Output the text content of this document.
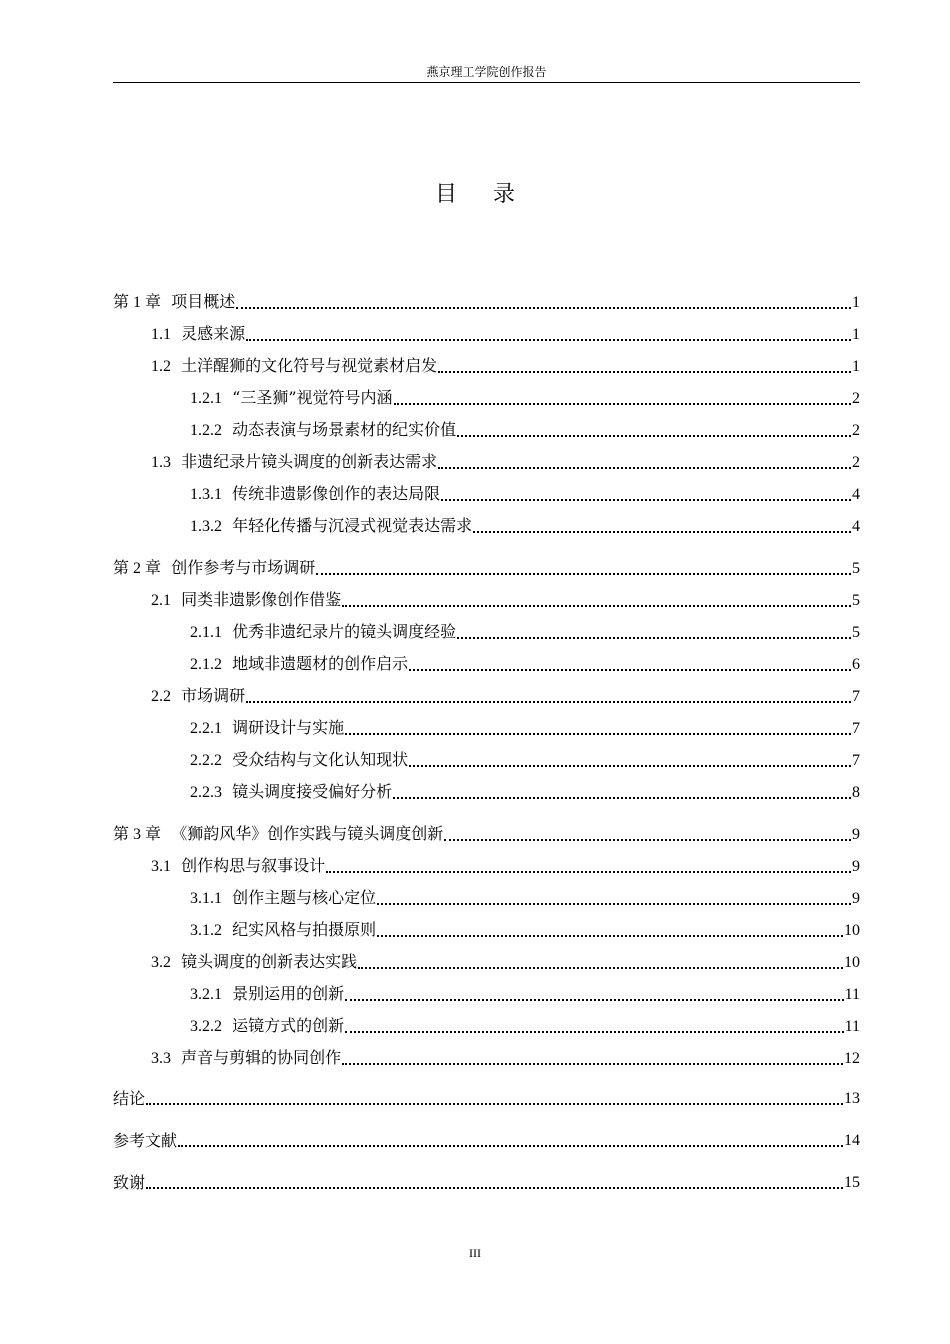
燕京理工学院创作报告
目录
第 1 章 项目概述	1
1.1 灵感来源	1
1.2 土洋醒狮的文化符号与视觉素材启发	1
1.2.1 “三圣狮”视觉符号内涵	2
1.2.2 动态表演与场景素材的纪实价值	2
1.3 非遗纪录片镜头调度的创新表达需求	2
1.3.1 传统非遗影像创作的表达局限	4
1.3.2 年轻化传播与沉浸式视觉表达需求	4
第 2 章 创作参考与市场调研	5
2.1 同类非遗影像创作借鉴	5
2.1.1 优秀非遗纪录片的镜头调度经验	5
2.1.2 地域非遗题材的创作启示	6
2.2 市场调研	7
2.2.1 调研设计与实施	7
2.2.2 受众结构与文化认知现状	7
2.2.3 镜头调度接受偏好分析	8
第 3 章 《狮韵风华》创作实践与镜头调度创新	9
3.1 创作构思与叙事设计	9
3.1.1 创作主题与核心定位	9
3.1.2 纪实风格与拍摄原则	10
3.2 镜头调度的创新表达实践	10
3.2.1 景别运用的创新	11
3.2.2 运镜方式的创新	11
3.3 声音与剪辑的协同创作	12
结论	13
参考文献	14
致谢	15
III
